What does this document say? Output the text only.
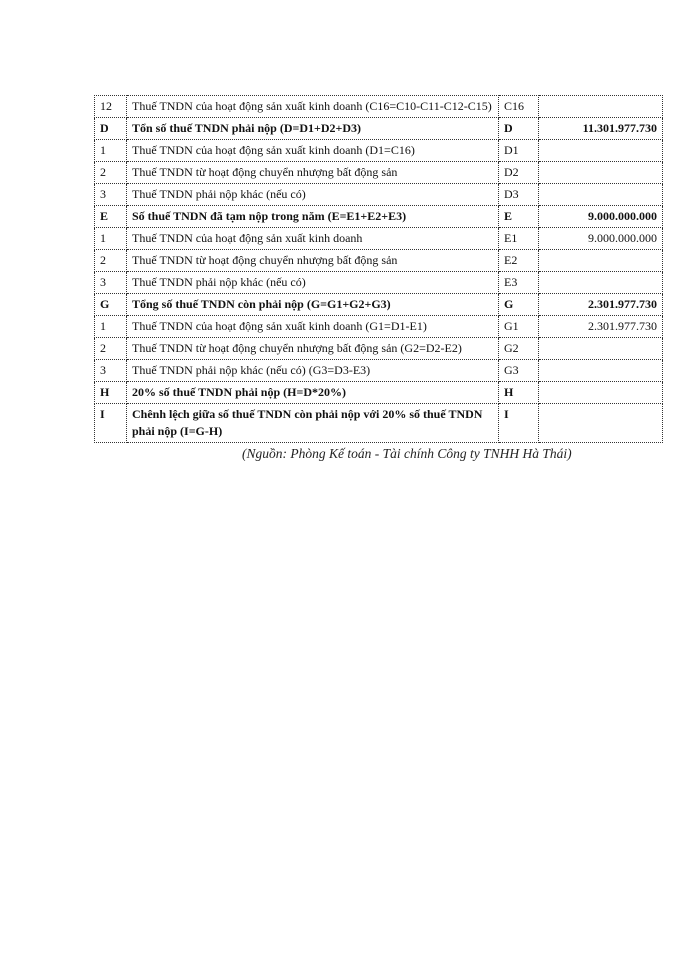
12	Thuế TNDN của hoạt động sản xuất kinh doanh (C16=C10-C11-C12-C15)	C16	
D	Tổn số thuế TNDN phải nộp (D=D1+D2+D3)	D	11.301.977.730
1	Thuế TNDN của hoạt động sản xuất kinh doanh (D1=C16)	D1	
2	Thuế TNDN từ hoạt động chuyển nhượng bất động sản	D2	
3	Thuế TNDN phải nộp khác (nếu có)	D3	
E	Số thuế TNDN đã tạm nộp trong năm (E=E1+E2+E3)	E	9.000.000.000
1	Thuế TNDN của hoạt động sản xuất kinh doanh	E1	9.000.000.000
2	Thuế TNDN từ hoạt động chuyển nhượng bất động sản	E2	
3	Thuế TNDN phải nộp khác (nếu có)	E3	
G	Tổng số thuế TNDN còn phải nộp (G=G1+G2+G3)	G	2.301.977.730
1	Thuế TNDN của hoạt động sản xuất kinh doanh (G1=D1-E1)	G1	2.301.977.730
2	Thuế TNDN từ hoạt động chuyển nhượng bất động sản (G2=D2-E2)	G2	
3	Thuế TNDN phải nộp khác (nếu có) (G3=D3-E3)	G3	
H	20% số thuế TNDN phải nộp (H=D*20%)	H	
I	Chênh lệch giữa số thuế TNDN còn phải nộp với 20% số thuế TNDN phải nộp (I=G-H)	I	
(Nguồn: Phòng Kế toán - Tài chính Công ty TNHH Hà Thái)
